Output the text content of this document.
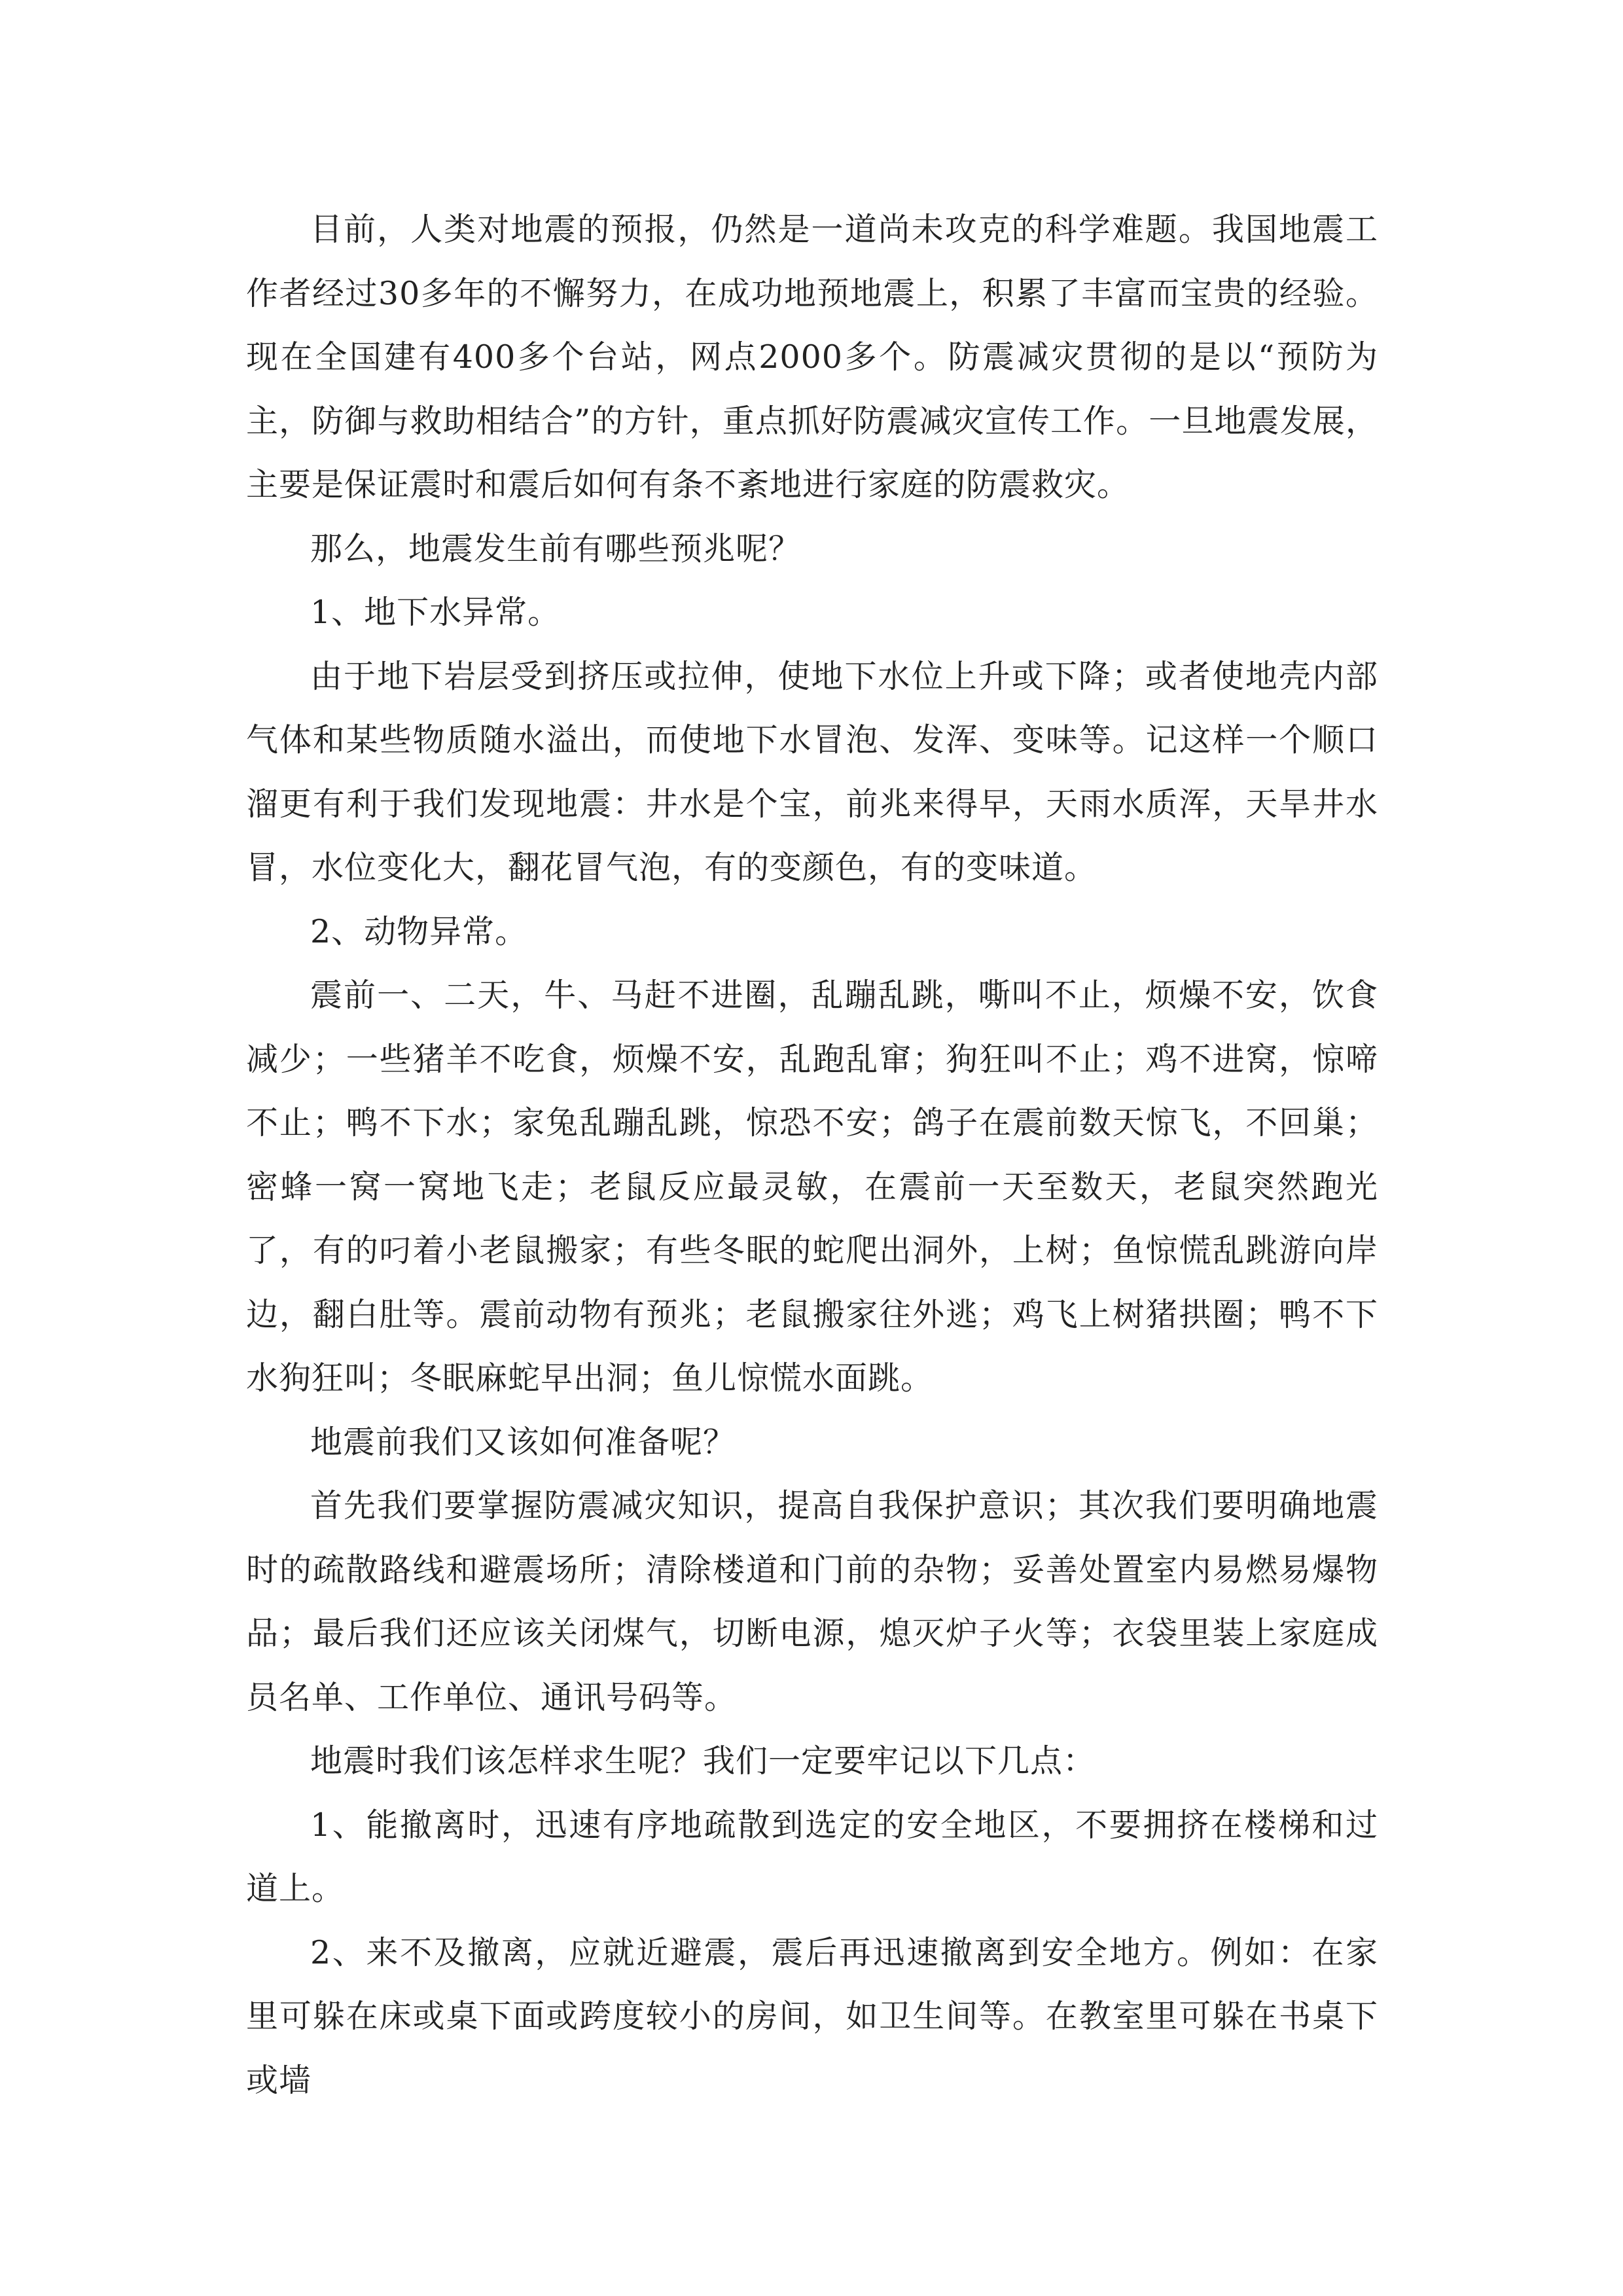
目前，人类对地震的预报，仍然是一道尚未攻克的科学难题。我国地震工作者经过30多年的不懈努力，在成功地预地震上，积累了丰富而宝贵的经验。现在全国建有400多个台站，网点2000多个。防震减灾贯彻的是以“预防为主，防御与救助相结合”的方针，重点抓好防震减灾宣传工作。一旦地震发展，主要是保证震时和震后如何有条不紊地进行家庭的防震救灾。

那么，地震发生前有哪些预兆呢？

1、地下水异常。

由于地下岩层受到挤压或拉伸，使地下水位上升或下降；或者使地壳内部气体和某些物质随水溢出，而使地下水冒泡、发浑、变味等。记这样一个顺口溜更有利于我们发现地震：井水是个宝，前兆来得早，天雨水质浑，天旱井水冒，水位变化大，翻花冒气泡，有的变颜色，有的变味道。

2、动物异常。

震前一、二天，牛、马赶不进圈，乱蹦乱跳，嘶叫不止，烦燥不安，饮食减少；一些猪羊不吃食，烦燥不安，乱跑乱窜；狗狂叫不止；鸡不进窝，惊啼不止；鸭不下水；家兔乱蹦乱跳，惊恐不安；鸽子在震前数天惊飞，不回巢；密蜂一窝一窝地飞走；老鼠反应最灵敏，在震前一天至数天，老鼠突然跑光了，有的叼着小老鼠搬家；有些冬眠的蛇爬出洞外，上树；鱼惊慌乱跳游向岸边，翻白肚等。震前动物有预兆；老鼠搬家往外逃；鸡飞上树猪拱圈；鸭不下水狗狂叫；冬眠麻蛇早出洞；鱼儿惊慌水面跳。

地震前我们又该如何准备呢？

首先我们要掌握防震减灾知识，提高自我保护意识；其次我们要明确地震时的疏散路线和避震场所；清除楼道和门前的杂物；妥善处置室内易燃易爆物品；最后我们还应该关闭煤气，切断电源，熄灭炉子火等；衣袋里装上家庭成员名单、工作单位、通讯号码等。

地震时我们该怎样求生呢？我们一定要牢记以下几点：

1、能撤离时，迅速有序地疏散到选定的安全地区，不要拥挤在楼梯和过道上。

2、来不及撤离，应就近避震，震后再迅速撤离到安全地方。例如：在家里可躲在床或桌下面或跨度较小的房间，如卫生间等。在教室里可躲在书桌下或墙
